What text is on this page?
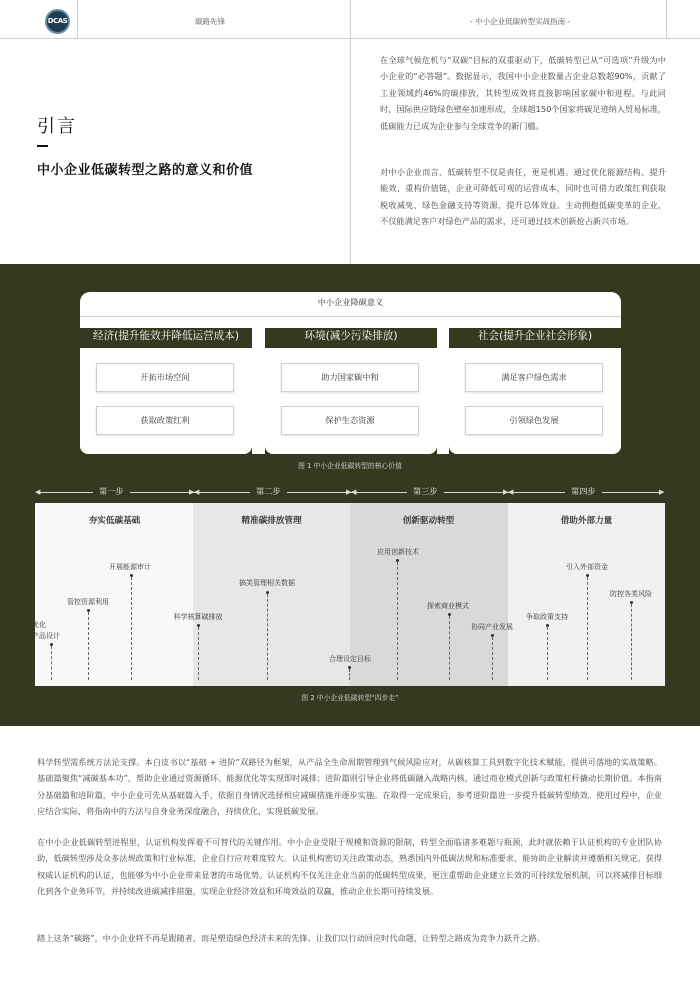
DCAS	碳路先锋	- 中小企业低碳转型实战指南 -
引言
中小企业低碳转型之路的意义和价值
在全球气候危机与“双碳”目标的双重驱动下，低碳转型已从“可选项”升级为中小企业的“必答题”。数据显示，我国中小企业数量占企业总数超90%，贡献了工业领域约46%的碳排放，其转型成效将直接影响国家碳中和进程。与此同时，国际供应链绿色壁垒加速形成，全球超150个国家将碳足迹纳入贸易标准，低碳能力已成为企业参与全球竞争的新门槛。
对中小企业而言，低碳转型不仅是责任，更是机遇。通过优化能源结构、提升能效、重构价值链，企业可降低可观的运营成本，同时也可借力政策红利获取税收减免、绿色金融支持等资源，提升总体效益。主动拥抱低碳变革的企业，不仅能满足客户对绿色产品的需求，还可通过技术创新抢占新兴市场。
中小企业降碳意义
经济(提升能效并降低运营成本)
开拓市场空间
获取政策红利
环境(减少污染排放)
助力国家碳中和
保护生态资源
社会(提升企业社会形象)
满足客户绿色需求
引领绿色发展
图 1 中小企业低碳转型的核心价值
◀	▶ ◀	▶ ◀	▶ ◀	▶
第一步	第二步	第三步	第四步
夯实低碳基础	精准碳排放管理	创新驱动转型	借助外部力量
优化
产品设计
管控资源利用
开展能源审计
科学核算碳排放
搞笑管理相关数据
合理设定目标
应用创新技术
探索商业模式
协同产业发展
争取政策支持
引入外部资金
防控各类风险
图 2 中小企业低碳转型“四步走”
科学转型需系统方法论支撑。本白皮书以“基础 + 进阶”双路径为框架，从产品全生命周期管理到气候风险应对，从碳核算工具到数字化技术赋能，提供可落地的实战策略。基础篇聚焦“减碳基本功”，帮助企业通过资源循环、能源优化等实现即时减排；进阶篇则引导企业将低碳融入战略内核，通过商业模式创新与政策杠杆撬动长期价值。本指南分基础篇和进阶篇，中小企业可先从基础篇入手，依据自身情况选择相应减碳措施并逐步实施。在取得一定成果后，参考进阶篇进一步提升低碳转型绩效。使用过程中，企业应结合实际，将指南中的方法与自身业务深度融合，持续优化，实现低碳发展。
在中小企业低碳转型进程里，认证机构发挥着不可替代的关键作用。中小企业受限于规模和资源的限制，转型全面临诸多难题与瓶颈，此时就依赖于认证机构的专业团队协助，低碳转型涉及众多法规政策和行业标准，企业自行应对难度较大。认证机构密切关注政策动态，熟悉国内外低碳法规和标准要求，能协助企业解读并遵循相关规定。获得权威认证机构的认证，也能够为中小企业带来显著的市场优势。认证机构不仅关注企业当前的低碳转型成果，更注重帮助企业建立长效的可持续发展机制，可以将减排目标细化到各个业务环节，并持续改进碳减排措施，实现企业经济效益和环境效益的双赢，推动企业长期可持续发展。
踏上这条“碳路”，中小企业将不再是跟随者，而是塑造绿色经济未来的先锋。让我们以行动回应时代命题，让转型之路成为竞争力跃升之路。
